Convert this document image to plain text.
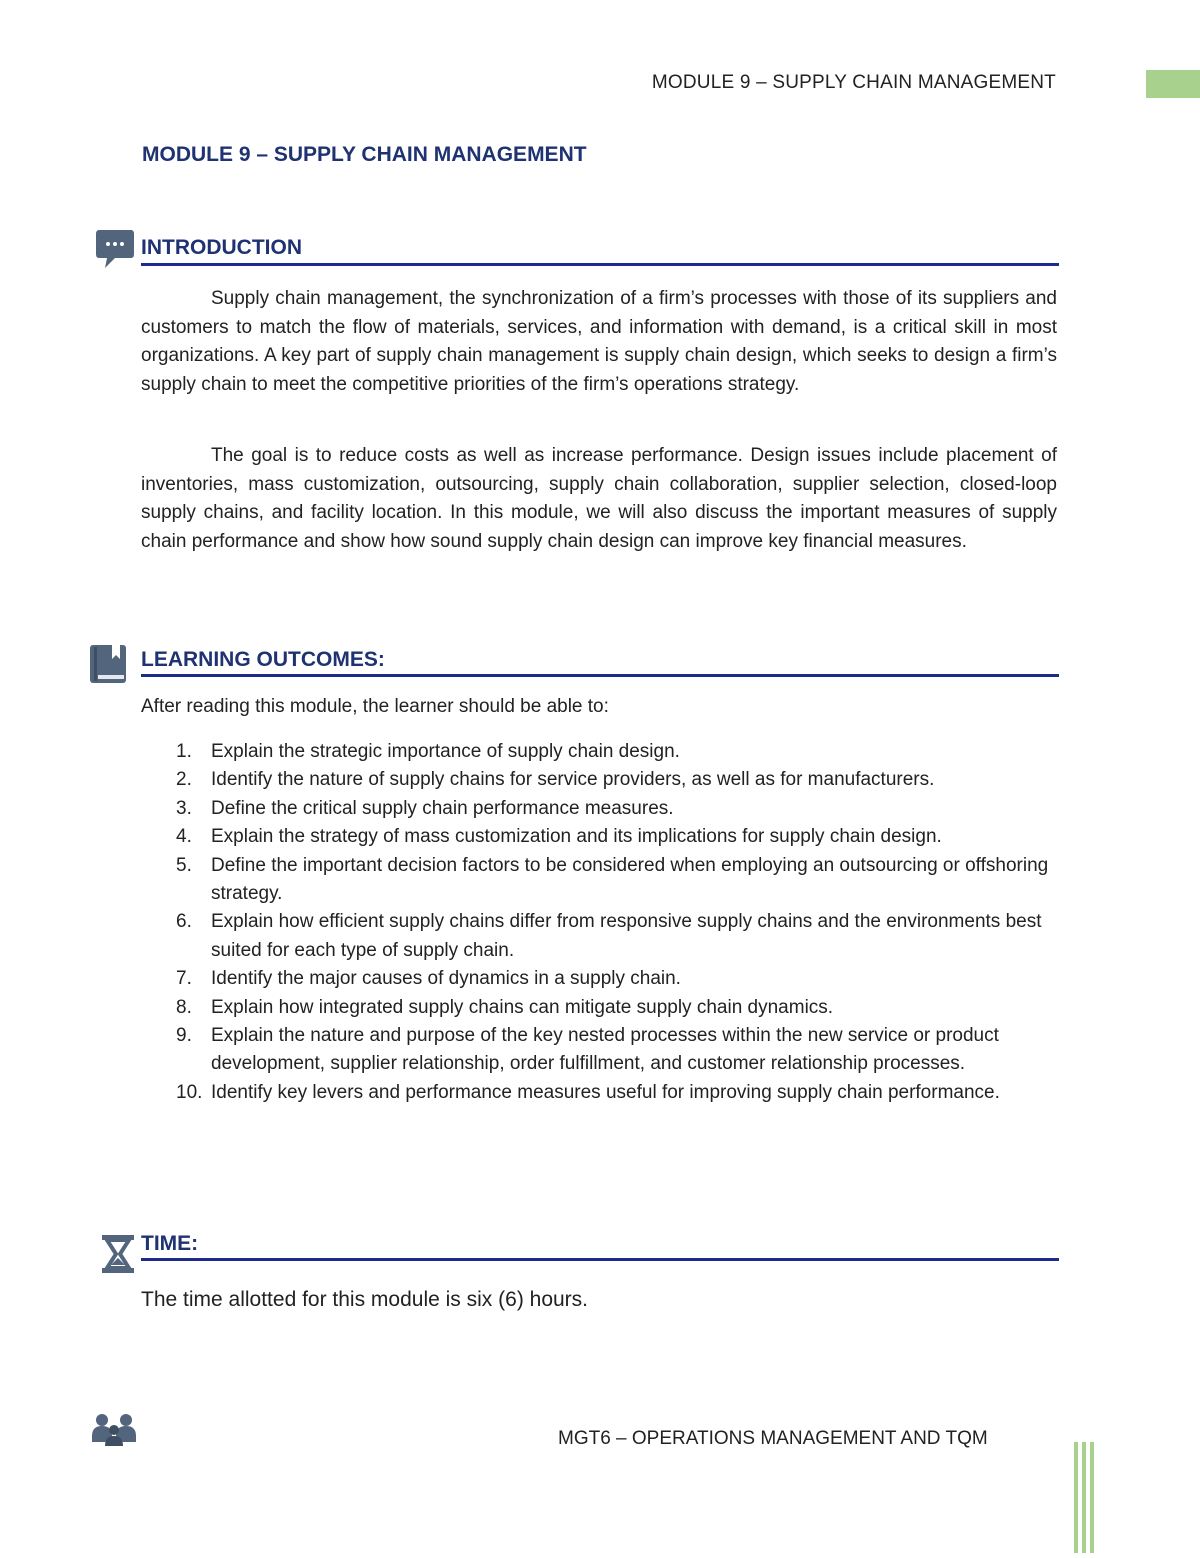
MODULE 9 – SUPPLY CHAIN MANAGEMENT
MODULE 9 – SUPPLY CHAIN MANAGEMENT
INTRODUCTION

Supply chain management, the synchronization of a firm’s processes with those of its suppliers and customers to match the flow of materials, services, and information with demand, is a critical skill in most organizations. A key part of supply chain management is supply chain design, which seeks to design a firm’s supply chain to meet the competitive priorities of the firm’s operations strategy.

The goal is to reduce costs as well as increase performance. Design issues include placement of inventories, mass customization, outsourcing, supply chain collaboration, supplier selection, closed-loop supply chains, and facility location. In this module, we will also discuss the important measures of supply chain performance and show how sound supply chain design can improve key financial measures.

LEARNING OUTCOMES:

After reading this module, the learner should be able to:

1. Explain the strategic importance of supply chain design.
2. Identify the nature of supply chains for service providers, as well as for manufacturers.
3. Define the critical supply chain performance measures.
4. Explain the strategy of mass customization and its implications for supply chain design.
5. Define the important decision factors to be considered when employing an outsourcing or offshoring strategy.
6. Explain how efficient supply chains differ from responsive supply chains and the environments best suited for each type of supply chain.
7. Identify the major causes of dynamics in a supply chain.
8. Explain how integrated supply chains can mitigate supply chain dynamics.
9. Explain the nature and purpose of the key nested processes within the new service or product development, supplier relationship, order fulfillment, and customer relationship processes.
10. Identify key levers and performance measures useful for improving supply chain performance.
TIME:
The time allotted for this module is six (6) hours.
MGT6 – OPERATIONS MANAGEMENT AND TQM
